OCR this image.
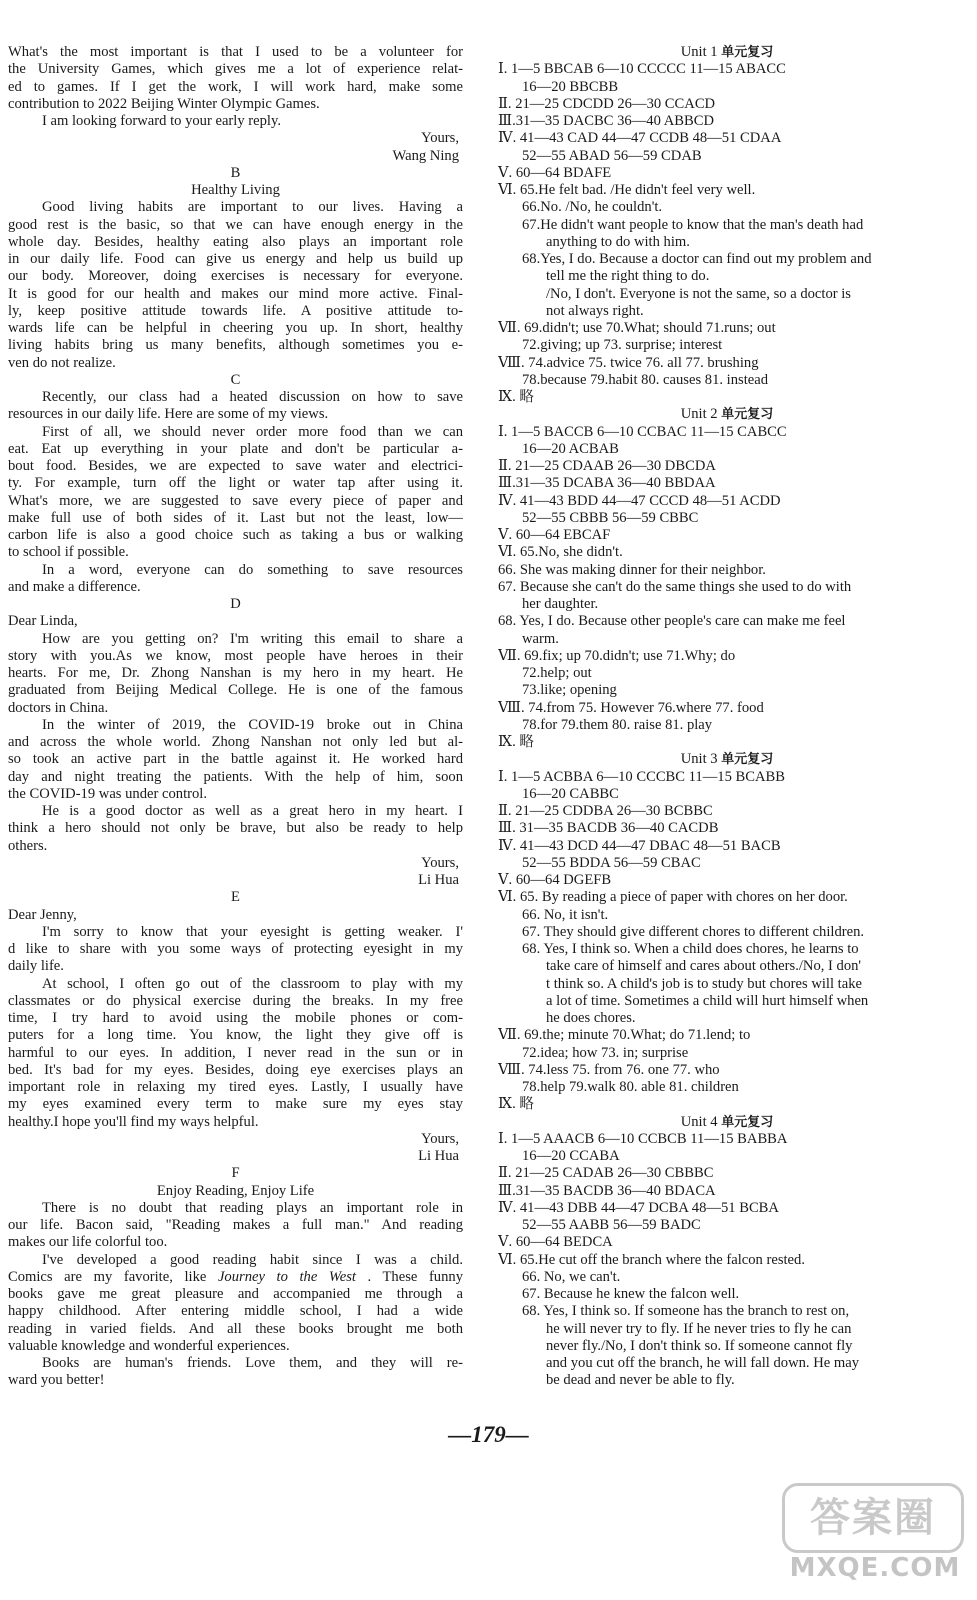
What's the most important is that I used to be a volunteer for
the University Games, which gives me a lot of experience relat-
ed to games. If I get the work, I will work hard, make some
contribution to 2022 Beijing Winter Olympic Games.
I am looking forward to your early reply.
Yours,
Wang Ning
B
Healthy Living
Good living habits are important to our lives. Having a
good rest is the basic, so that we can have enough energy in the
whole day. Besides, healthy eating also plays an important role
in our daily life. Food can give us energy and help us build up
our body. Moreover, doing exercises is necessary for everyone.
It is good for our health and makes our mind more active. Final-
ly, keep positive attitude towards life. A positive attitude to-
wards life can be helpful in cheering you up. In short, healthy
living habits bring us many benefits, although sometimes you e-
ven do not realize.
C
Recently, our class had a heated discussion on how to save
resources in our daily life. Here are some of my views.
First of all, we should never order more food than we can
eat. Eat up everything in your plate and don't be particular a-
bout food. Besides, we are expected to save water and electrici-
ty. For example, turn off the light or water tap after using it.
What's more, we are suggested to save every piece of paper and
make full use of both sides of it. Last but not the least, low—
carbon life is also a good choice such as taking a bus or walking
to school if possible.
In a word, everyone can do something to save resources
and make a difference.
D
Dear Linda,
How are you getting on? I'm writing this email to share a
story with you.As we know, most people have heroes in their
hearts. For me, Dr. Zhong Nanshan is my hero in my heart. He
graduated from Beijing Medical College. He is one of the famous
doctors in China.
In the winter of 2019, the COVID-19 broke out in China
and across the whole world. Zhong Nanshan not only led but al-
so took an active part in the battle against it. He worked hard
day and night treating the patients. With the help of him, soon
the COVID-19 was under control.
He is a good doctor as well as a great hero in my heart. I
think a hero should not only be brave, but also be ready to help
others.
Yours,
Li Hua
E
Dear Jenny,
I'm sorry to know that your eyesight is getting weaker. I'
d like to share with you some ways of protecting eyesight in my
daily life.
At school, I often go out of the classroom to play with my
classmates or do physical exercise during the breaks. In my free
time, I try hard to avoid using the mobile phones or com-
puters for a long time. You know, the light they give off is
harmful to our eyes. In addition, I never read in the sun or in
bed. It's bad for my eyes. Besides, doing eye exercises plays an
important role in relaxing my tired eyes. Lastly, I usually have
my eyes examined every term to make sure my eyes stay
healthy.I hope you'll find my ways helpful.
Yours,
Li Hua
F
Enjoy Reading, Enjoy Life
There is no doubt that reading plays an important role in
our life. Bacon said, "Reading makes a full man." And reading
makes our life colorful too.
I've developed a good reading habit since I was a child.
Comics are my favorite, like Journey to the West . These funny
books gave me great pleasure and accompanied me through a
happy childhood. After entering middle school, I had a wide
reading in varied fields. And all these books brought me both
valuable knowledge and wonderful experiences.
Books are human's friends. Love them, and they will re-
ward you better!
Unit 1 单元复习
Ⅰ. 1—5 BBCAB 6—10 CCCCC 11—15 ABACC
16—20 BBCBB
Ⅱ. 21—25 CDCDD 26—30 CCACD
Ⅲ.31—35 DACBC 36—40 ABBCD
Ⅳ. 41—43 CAD 44—47 CCDB 48—51 CDAA
52—55 ABAD 56—59 CDAB
Ⅴ. 60—64 BDAFE
Ⅵ. 65.He felt bad. /He didn't feel very well.
66.No. /No, he couldn't.
67.He didn't want people to know that the man's death had
anything to do with him.
68.Yes, I do. Because a doctor can find out my problem and
tell me the right thing to do.
/No, I don't. Everyone is not the same, so a doctor is
not always right.
Ⅶ. 69.didn't; use 70.What; should 71.runs; out
72.giving; up 73. surprise; interest
Ⅷ. 74.advice 75. twice 76. all 77. brushing
78.because 79.habit 80. causes 81. instead
Ⅸ. 略
Unit 2 单元复习
Ⅰ. 1—5 BACCB 6—10 CCBAC 11—15 CABCC
16—20 ACBAB
Ⅱ. 21—25 CDAAB 26—30 DBCDA
Ⅲ.31—35 DCABA 36—40 BBDAA
Ⅳ. 41—43 BDD 44—47 CCCD 48—51 ACDD
52—55 CBBB 56—59 CBBC
Ⅴ. 60—64 EBCAF
Ⅵ. 65.No, she didn't.
66. She was making dinner for their neighbor.
67. Because she can't do the same things she used to do with
her daughter.
68. Yes, I do. Because other people's care can make me feel
warm.
Ⅶ. 69.fix; up 70.didn't; use 71.Why; do
72.help; out
73.like; opening
Ⅷ. 74.from 75. However 76.where 77. food
78.for 79.them 80. raise 81. play
Ⅸ. 略
Unit 3 单元复习
Ⅰ. 1—5 ACBBA 6—10 CCCBC 11—15 BCABB
16—20 CABBC
Ⅱ. 21—25 CDDBA 26—30 BCBBC
Ⅲ. 31—35 BACDB 36—40 CACDB
Ⅳ. 41—43 DCD 44—47 DBAC 48—51 BACB
52—55 BDDA 56—59 CBAC
Ⅴ. 60—64 DGEFB
Ⅵ. 65. By reading a piece of paper with chores on her door.
66. No, it isn't.
67. They should give different chores to different children.
68. Yes, I think so. When a child does chores, he learns to
take care of himself and cares about others./No, I don'
t think so. A child's job is to study but chores will take
a lot of time. Sometimes a child will hurt himself when
he does chores.
Ⅶ. 69.the; minute 70.What; do 71.lend; to
72.idea; how 73. in; surprise
Ⅷ. 74.less 75. from 76. one 77. who
78.help 79.walk 80. able 81. children
Ⅸ. 略
Unit 4 单元复习
Ⅰ. 1—5 AAACB 6—10 CCBCB 11—15 BABBA
16—20 CCABA
Ⅱ. 21—25 CADAB 26—30 CBBBC
Ⅲ.31—35 BACDB 36—40 BDACA
Ⅳ. 41—43 DBB 44—47 DCBA 48—51 BCBA
52—55 AABB 56—59 BADC
Ⅴ. 60—64 BEDCA
Ⅵ. 65.He cut off the branch where the falcon rested.
66. No, we can't.
67. Because he knew the falcon well.
68. Yes, I think so. If someone has the branch to rest on,
he will never try to fly. If he never tries to fly he can
never fly./No, I don't think so. If someone cannot fly
and you cut off the branch, he will fall down. He may
be dead and never be able to fly.
—179—
答案圈
MXQE.COM
